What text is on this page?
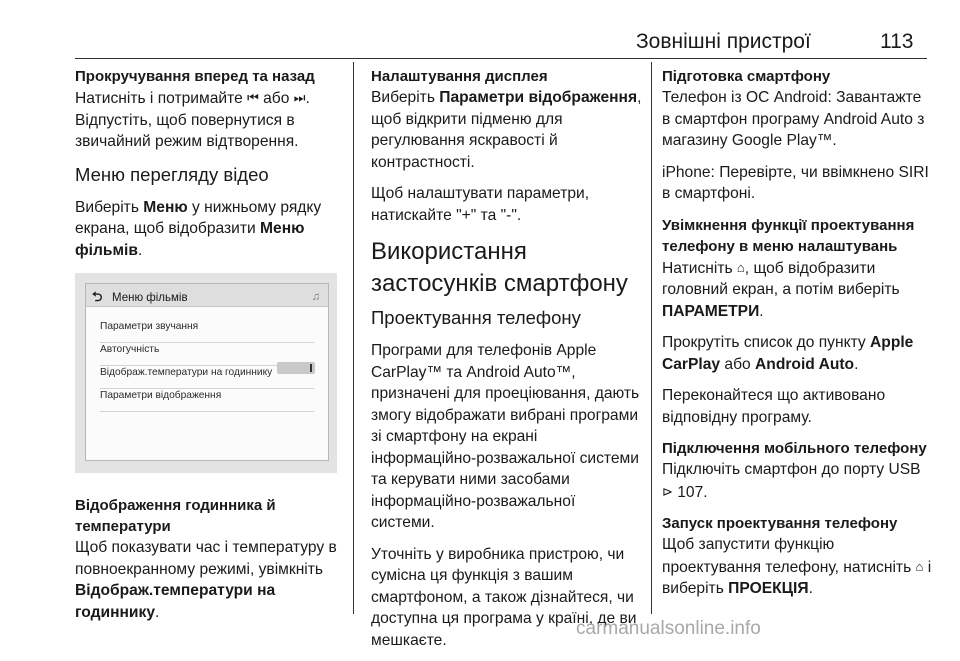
Зовнішні пристрої	113
Прокручування вперед та назад

Натисніть і потримайте ⏮ або ⏭. Відпустіть, щоб повернутися в звичайний режим відтворення.

Меню перегляду відео

Виберіть Меню у нижньому рядку екрана, щоб відобразити Меню фільмів.

⮌ Меню фільмів	♫
Параметри звучання
Автогучність
Відображ.температури на годиннику
Параметри відображення
Відображення годинника й температури

Щоб показувати час і температуру в повноекранному режимі, увімкніть Відображ.температури на годиннику.

Налаштування дисплея

Виберіть Параметри відображення, щоб відкрити підменю для регулювання яскравості й контрастності.

Щоб налаштувати параметри, натискайте "+" та "-".

Використання застосунків смартфону
Проектування телефону

Програми для телефонів Apple CarPlay™ та Android Auto™, призначені для проеціювання, дають змогу відображати вибрані програми зі смартфону на екрані інформаційно-розважальної системи та керувати ними засобами інформаційно-розважальної системи.

Уточніть у виробника пристрою, чи сумісна ця функція з вашим смартфоном, а також дізнайтеся, чи доступна ця програма у країні, де ви мешкаєте.

Підготовка смартфону

Телефон із ОС Android: Завантажте в смартфон програму Android Auto з магазину Google Play™.

iPhone: Перевірте, чи ввімкнено SIRI в смартфоні.

Увімкнення функції проектування телефону в меню налаштувань

Натисніть ⌂, щоб відобразити головний екран, а потім виберіть ПАРАМЕТРИ.

Прокрутіть список до пункту Apple CarPlay або Android Auto.

Переконайтеся що активовано відповідну програму.

Підключення мобільного телефону

Підключіть смартфон до порту USB ⊳ 107.

Запуск проектування телефону

Щоб запустити функцію проектування телефону, натисніть ⌂ і виберіть ПРОЕКЦІЯ.

carmanualsonline.info
